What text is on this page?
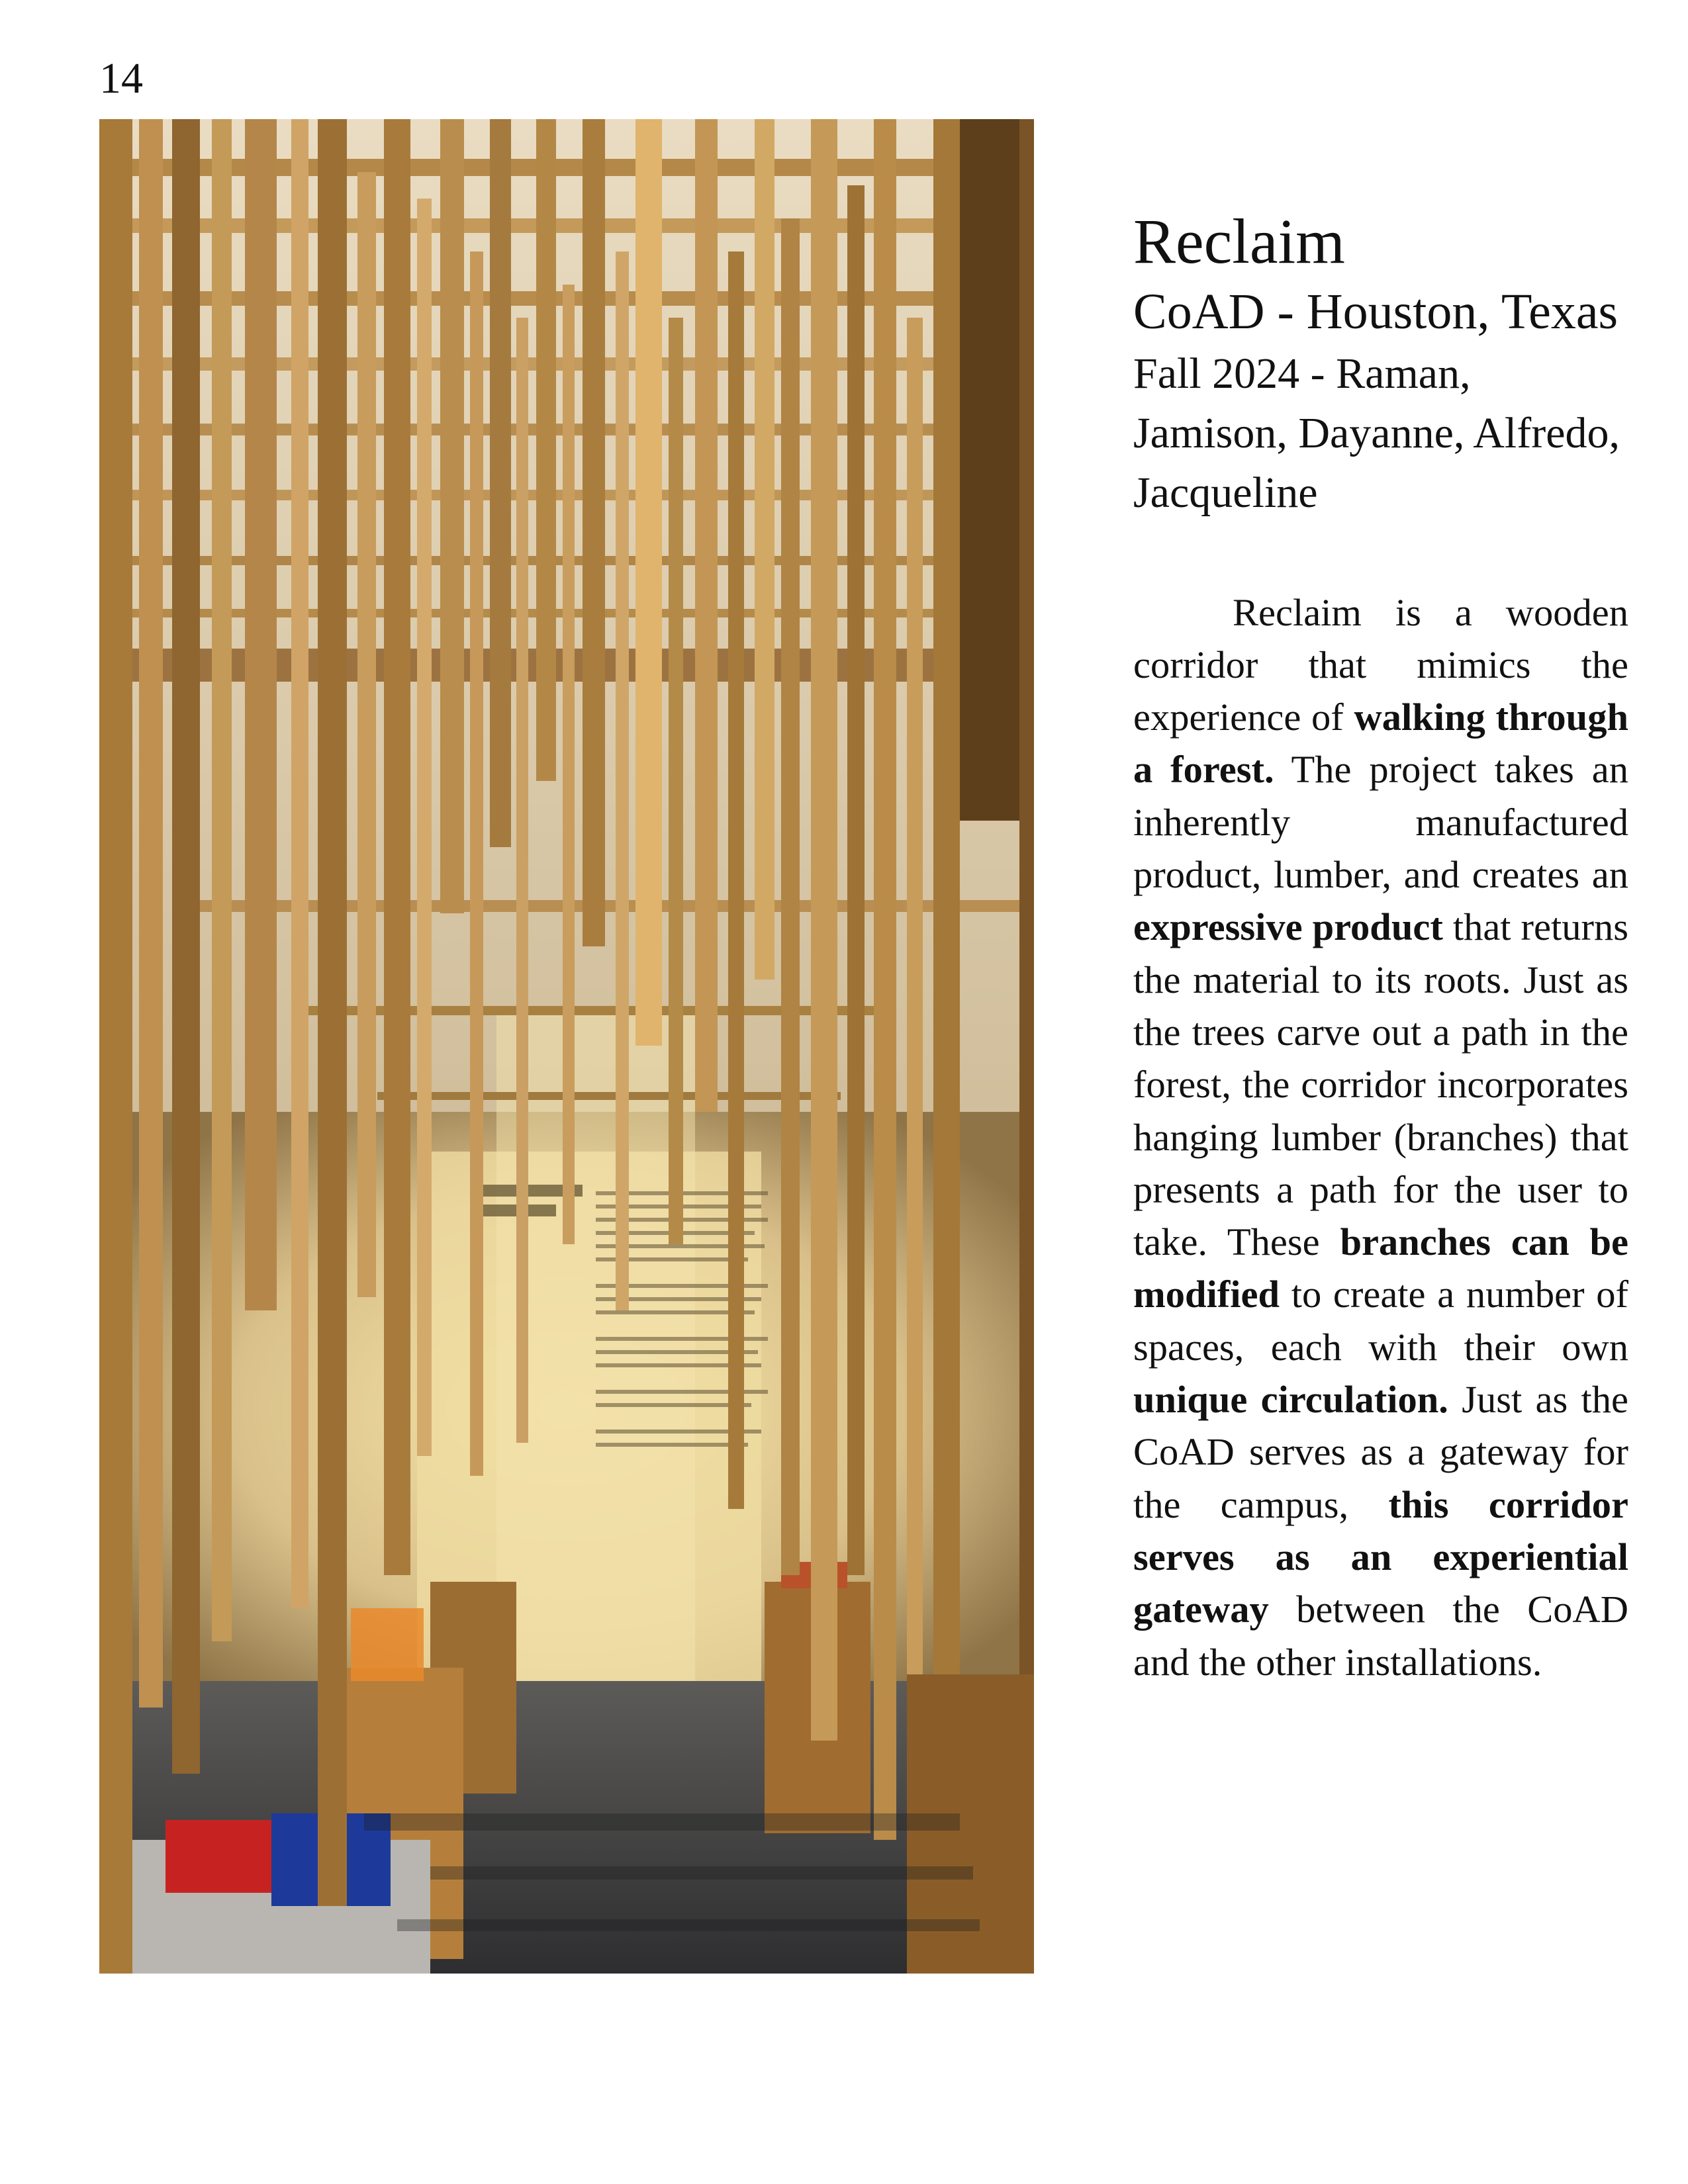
14
Reclaim

CoAD - Houston, Texas

Fall 2024 - Raman, Jamison, Dayanne, Alfredo, Jacqueline

Reclaim is a wooden corridor that mimics the experience of walking through a forest. The project takes an inherently manufactured product, lumber, and creates an expressive product that returns the material to its roots. Just as the trees carve out a path in the forest, the corridor incorporates hanging lumber (branches) that presents a path for the user to take. These branches can be modified to create a number of spaces, each with their own unique circulation. Just as the CoAD serves as a gateway for the campus, this corridor serves as an experiential gateway between the CoAD and the other installations.
